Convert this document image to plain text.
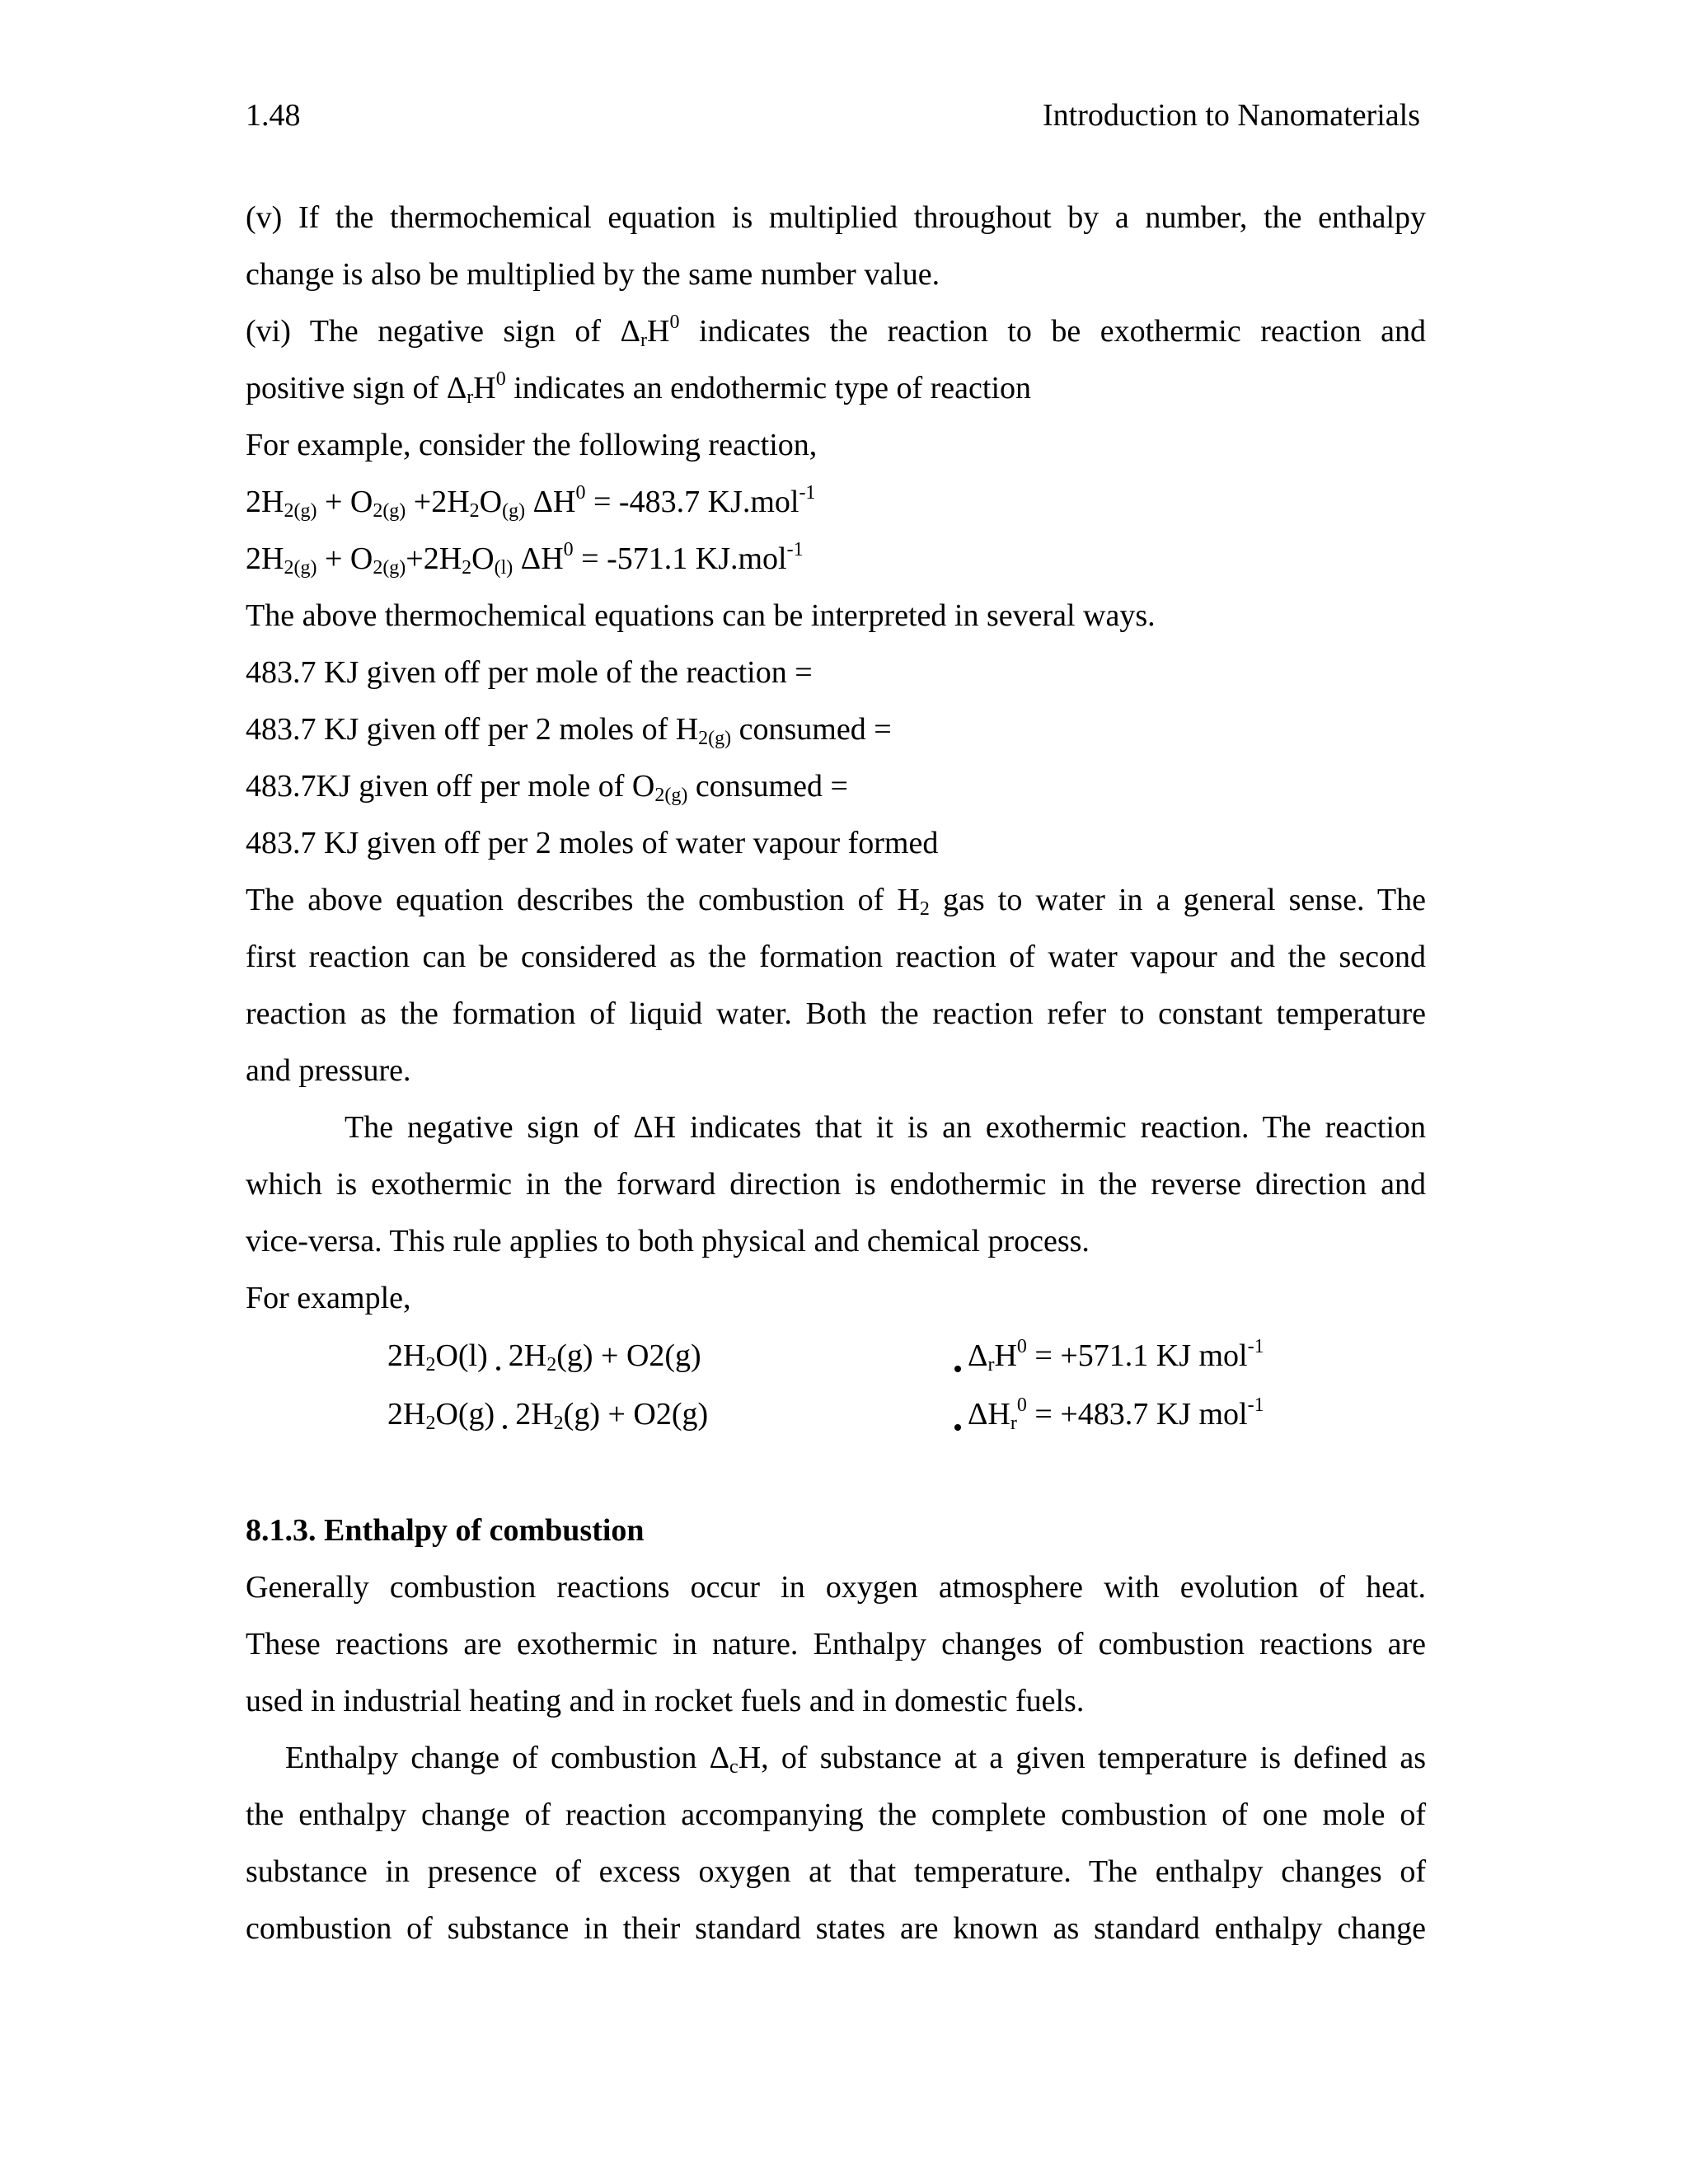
1.48	Introduction to Nanomaterials
(v) If the thermochemical equation is multiplied throughout by a number, the enthalpy
change is also be multiplied by the same number value.
(vi) The negative sign of $\Delta_rH^0$ indicates the reaction to be exothermic reaction and
positive sign of $\Delta_rH^0$ indicates an endothermic type of reaction
For example, consider the following reaction,
$2H_{2(g)} + O_{2(g)} +2H_2O_{(g)}$ $\Delta H^0 = -483.7$ KJ.mol$^{-1}$
$2H_{2(g)} + O_{2(g)}+2H_2O_{(l)}$ $\Delta H^0 = -571.1$ KJ.mol$^{-1}$
The above thermochemical equations can be interpreted in several ways.
483.7 KJ given off per mole of the reaction =
483.7 KJ given off per 2 moles of $H_{2(g)}$ consumed =
483.7KJ given off per mole of $O_{2(g)}$ consumed =
483.7 KJ given off per 2 moles of water vapour formed
The above equation describes the combustion of $H_2$ gas to water in a general sense. The
first reaction can be considered as the formation reaction of water vapour and the second
reaction as the formation of liquid water. Both the reaction refer to constant temperature
and pressure.
The negative sign of ΔH indicates that it is an exothermic reaction. The reaction
which is exothermic in the forward direction is endothermic in the reverse direction and
vice-versa. This rule applies to both physical and chemical process.
For example,
$2H_2O(l) 2H_2(g) + O2(g)$	$\Delta_rH^0 = +571.1$ KJ mol$^{-1}$
$2H_2O(g) 2H_2(g) + O2(g)$	$\Delta H_r^0 = +483.7$ KJ mol$^{-1}$
8.1.3. Enthalpy of combustion
Generally combustion reactions occur in oxygen atmosphere with evolution of heat.
These reactions are exothermic in nature. Enthalpy changes of combustion reactions are
used in industrial heating and in rocket fuels and in domestic fuels.
Enthalpy change of combustion $\Delta_cH$, of substance at a given temperature is defined as
the enthalpy change of reaction accompanying the complete combustion of one mole of
substance in presence of excess oxygen at that temperature. The enthalpy changes of
combustion of substance in their standard states are known as standard enthalpy change
